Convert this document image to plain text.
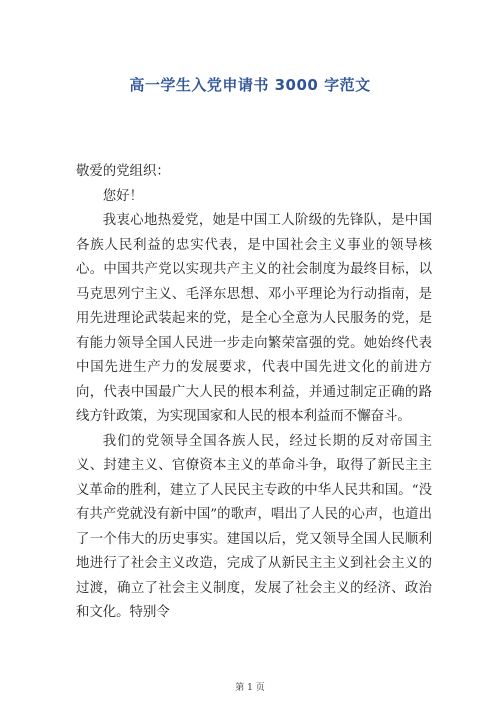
高一学生入党申请书 3000 字范文

敬爱的党组织：

您好！

我衷心地热爱党，她是中国工人阶级的先锋队，是中国各族人民利益的忠实代表，是中国社会主义事业的领导核心。中国共产党以实现共产主义的社会制度为最终目标，以马克思列宁主义、毛泽东思想、邓小平理论为行动指南，是用先进理论武装起来的党，是全心全意为人民服务的党，是有能力领导全国人民进一步走向繁荣富强的党。她始终代表中国先进生产力的发展要求，代表中国先进文化的前进方向，代表中国最广大人民的根本利益，并通过制定正确的路线方针政策，为实现国家和人民的根本利益而不懈奋斗。

我们的党领导全国各族人民，经过长期的反对帝国主义、封建主义、官僚资本主义的革命斗争，取得了新民主主义革命的胜利，建立了人民民主专政的中华人民共和国。“没有共产党就没有新中国”的歌声，唱出了人民的心声，也道出了一个伟大的历史事实。建国以后，党又领导全国人民顺利地进行了社会主义改造，完成了从新民主主义到社会主义的过渡，确立了社会主义制度，发展了社会主义的经济、政治和文化。特别令

第 1 页
